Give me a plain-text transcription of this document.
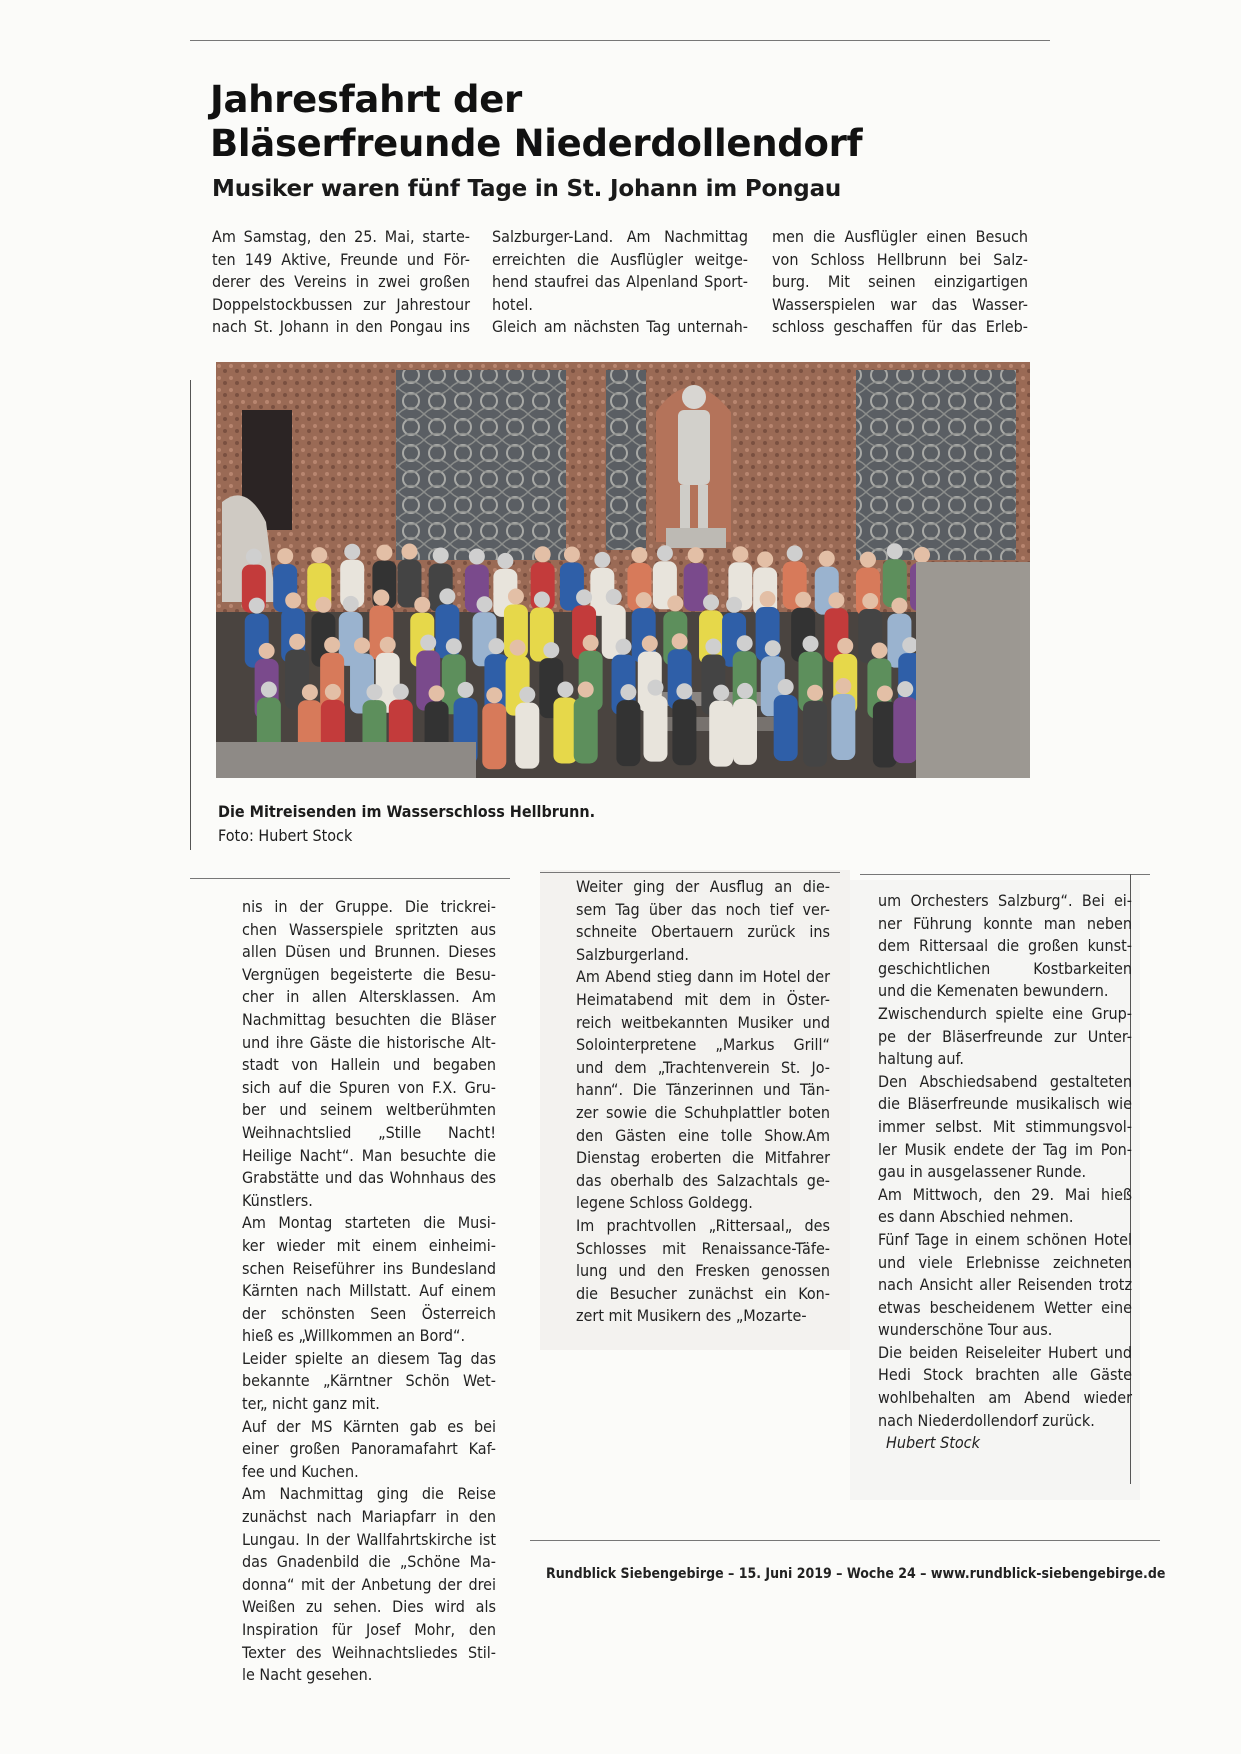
Jahresfahrt der
Bläserfreunde Niederdollendorf
Musiker waren fünf Tage in St. Johann im Pongau
Am Samstag, den 25. Mai, starte-
ten 149 Aktive, Freunde und För-
derer des Vereins in zwei großen
Doppelstockbussen zur Jahrestour
nach St. Johann in den Pongau ins
Salzburger-Land. Am Nachmittag
erreichten die Ausflügler weitge-
hend staufrei das Alpenland Sport-
hotel.
Gleich am nächsten Tag unternah-
men die Ausflügler einen Besuch
von Schloss Hellbrunn bei Salz-
burg. Mit seinen einzigartigen
Wasserspielen war das Wasser-
schloss geschaffen für das Erleb-
Die Mitreisenden im Wasserschloss Hellbrunn.
Foto: Hubert Stock
nis in der Gruppe. Die trickrei-
chen Wasserspiele spritzten aus
allen Düsen und Brunnen. Dieses
Vergnügen begeisterte die Besu-
cher in allen Altersklassen. Am
Nachmittag besuchten die Bläser
und ihre Gäste die historische Alt-
stadt von Hallein und begaben
sich auf die Spuren von F.X. Gru-
ber und seinem weltberühmten
Weihnachtslied „Stille Nacht!
Heilige Nacht“. Man besuchte die
Grabstätte und das Wohnhaus des
Künstlers.
Am Montag starteten die Musi-
ker wieder mit einem einheimi-
schen Reiseführer ins Bundesland
Kärnten nach Millstatt. Auf einem
der schönsten Seen Österreich
hieß es „Willkommen an Bord“.
Leider spielte an diesem Tag das
bekannte „Kärntner Schön Wet-
ter„ nicht ganz mit.
Auf der MS Kärnten gab es bei
einer großen Panoramafahrt Kaf-
fee und Kuchen.
Am Nachmittag ging die Reise
zunächst nach Mariapfarr in den
Lungau. In der Wallfahrtskirche ist
das Gnadenbild die „Schöne Ma-
donna“ mit der Anbetung der drei
Weißen zu sehen. Dies wird als
Inspiration für Josef Mohr, den
Texter des Weihnachtsliedes Stil-
le Nacht gesehen.
Weiter ging der Ausflug an die-
sem Tag über das noch tief ver-
schneite Obertauern zurück ins
Salzburgerland.
Am Abend stieg dann im Hotel der
Heimatabend mit dem in Öster-
reich weitbekannten Musiker und
Solointerpretene „Markus Grill“
und dem „Trachtenverein St. Jo-
hann“. Die Tänzerinnen und Tän-
zer sowie die Schuhplattler boten
den Gästen eine tolle Show.Am
Dienstag eroberten die Mitfahrer
das oberhalb des Salzachtals ge-
legene Schloss Goldegg.
Im prachtvollen „Rittersaal„ des
Schlosses mit Renaissance-Täfe-
lung und den Fresken genossen
die Besucher zunächst ein Kon-
zert mit Musikern des „Mozarte-
um Orchesters Salzburg“. Bei ei-
ner Führung konnte man neben
dem Rittersaal die großen kunst-
geschichtlichen Kostbarkeiten
und die Kemenaten bewundern.
Zwischendurch spielte eine Grup-
pe der Bläserfreunde zur Unter-
haltung auf.
Den Abschiedsabend gestalteten
die Bläserfreunde musikalisch wie
immer selbst. Mit stimmungsvol-
ler Musik endete der Tag im Pon-
gau in ausgelassener Runde.
Am Mittwoch, den 29. Mai hieß
es dann Abschied nehmen.
Fünf Tage in einem schönen Hotel
und viele Erlebnisse zeichneten
nach Ansicht aller Reisenden trotz
etwas bescheidenem Wetter eine
wunderschöne Tour aus.
Die beiden Reiseleiter Hubert und
Hedi Stock brachten alle Gäste
wohlbehalten am Abend wieder
nach Niederdollendorf zurück.
Hubert Stock
Rundblick Siebengebirge – 15. Juni 2019 – Woche 24 – www.rundblick-siebengebirge.de
